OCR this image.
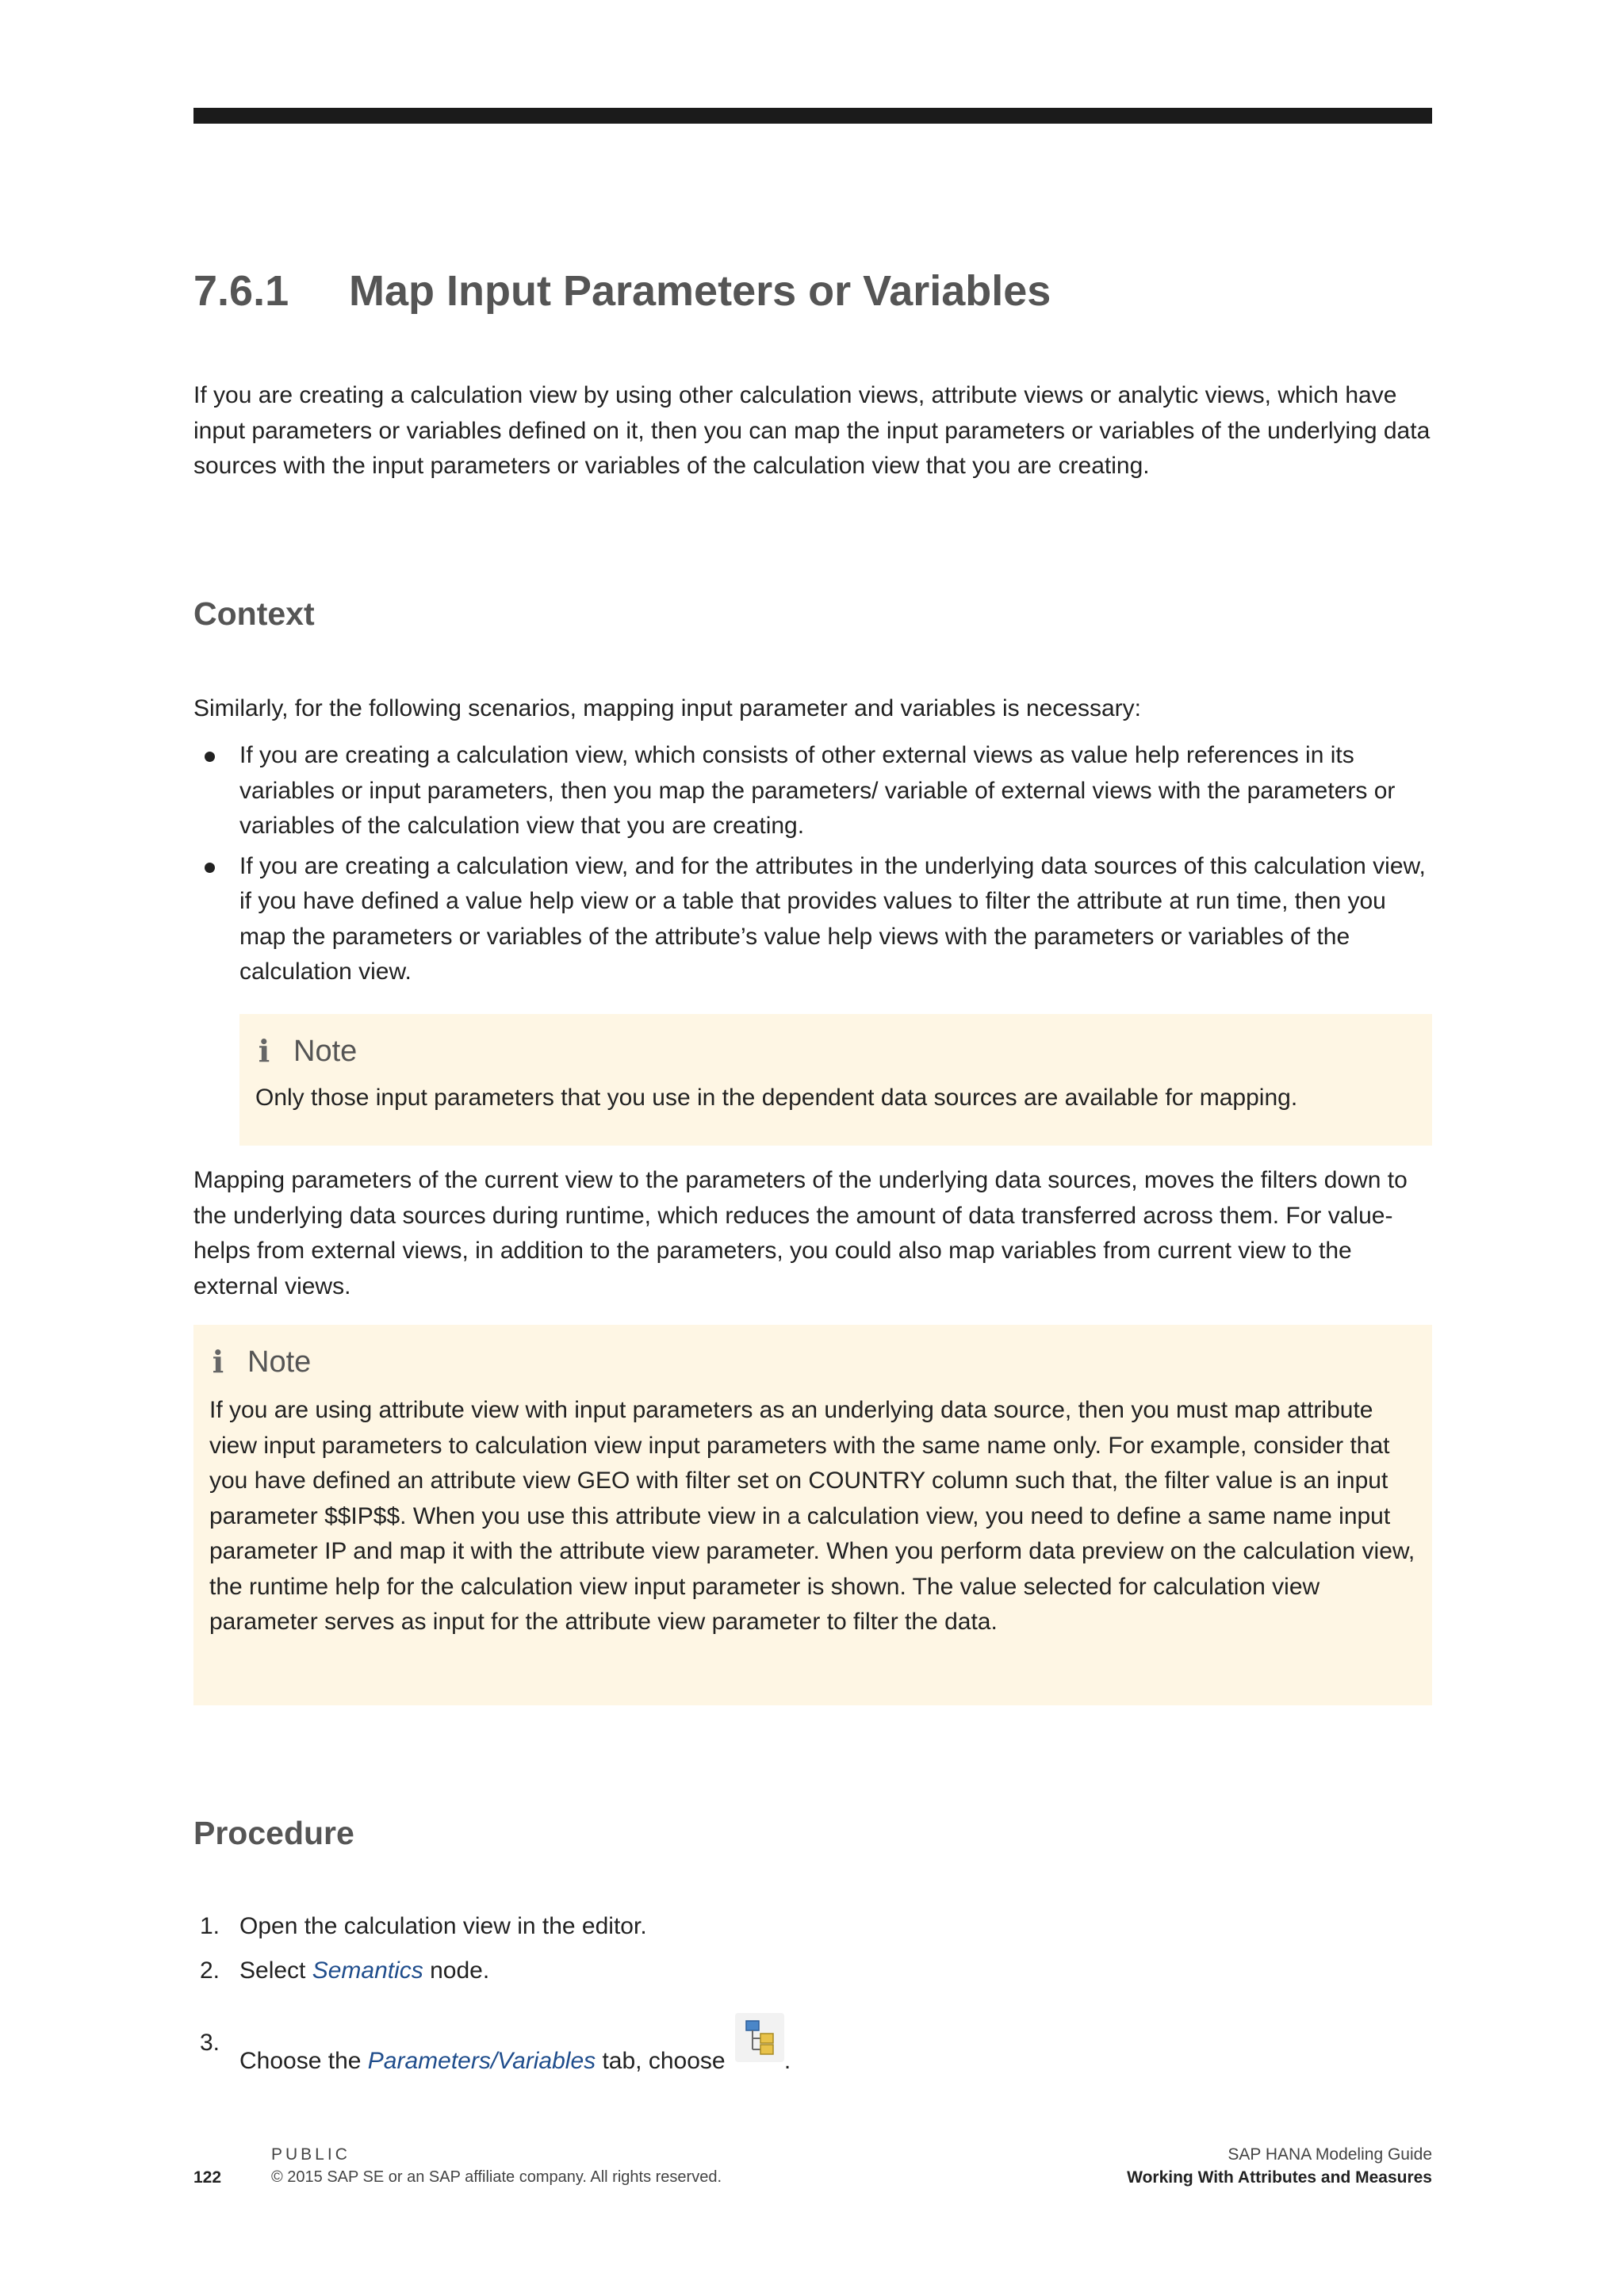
7.6.1 Map Input Parameters or Variables

If you are creating a calculation view by using other calculation views, attribute views or analytic views, which have input parameters or variables defined on it, then you can map the input parameters or variables of the underlying data sources with the input parameters or variables of the calculation view that you are creating.

Context

Similarly, for the following scenarios, mapping input parameter and variables is necessary:

If you are creating a calculation view, which consists of other external views as value help references in its variables or input parameters, then you map the parameters/ variable of external views with the parameters or variables of the calculation view that you are creating.
If you are creating a calculation view, and for the attributes in the underlying data sources of this calculation view, if you have defined a value help view or a table that provides values to filter the attribute at run time, then you map the parameters or variables of the attribute’s value help views with the parameters or variables of the calculation view.
i Note

Only those input parameters that you use in the dependent data sources are available for mapping.

Mapping parameters of the current view to the parameters of the underlying data sources, moves the filters down to the underlying data sources during runtime, which reduces the amount of data transferred across them. For value-helps from external views, in addition to the parameters, you could also map variables from current view to the external views.

i Note

If you are using attribute view with input parameters as an underlying data source, then you must map attribute view input parameters to calculation view input parameters with the same name only. For example, consider that you have defined an attribute view GEO with filter set on COUNTRY column such that, the filter value is an input parameter $$IP$$. When you use this attribute view in a calculation view, you need to define a same name input parameter IP and map it with the attribute view parameter. When you perform data preview on the calculation view, the runtime help for the calculation view input parameter is shown. The value selected for calculation view parameter serves as input for the attribute view parameter to filter the data.

Procedure
1. Open the calculation view in the editor.
2. Select Semantics node.
3.
Choose the Parameters/Variables tab, choose .
PUBLIC
122	© 2015 SAP SE or an SAP affiliate company. All rights reserved.
SAP HANA Modeling Guide
Working With Attributes and Measures
